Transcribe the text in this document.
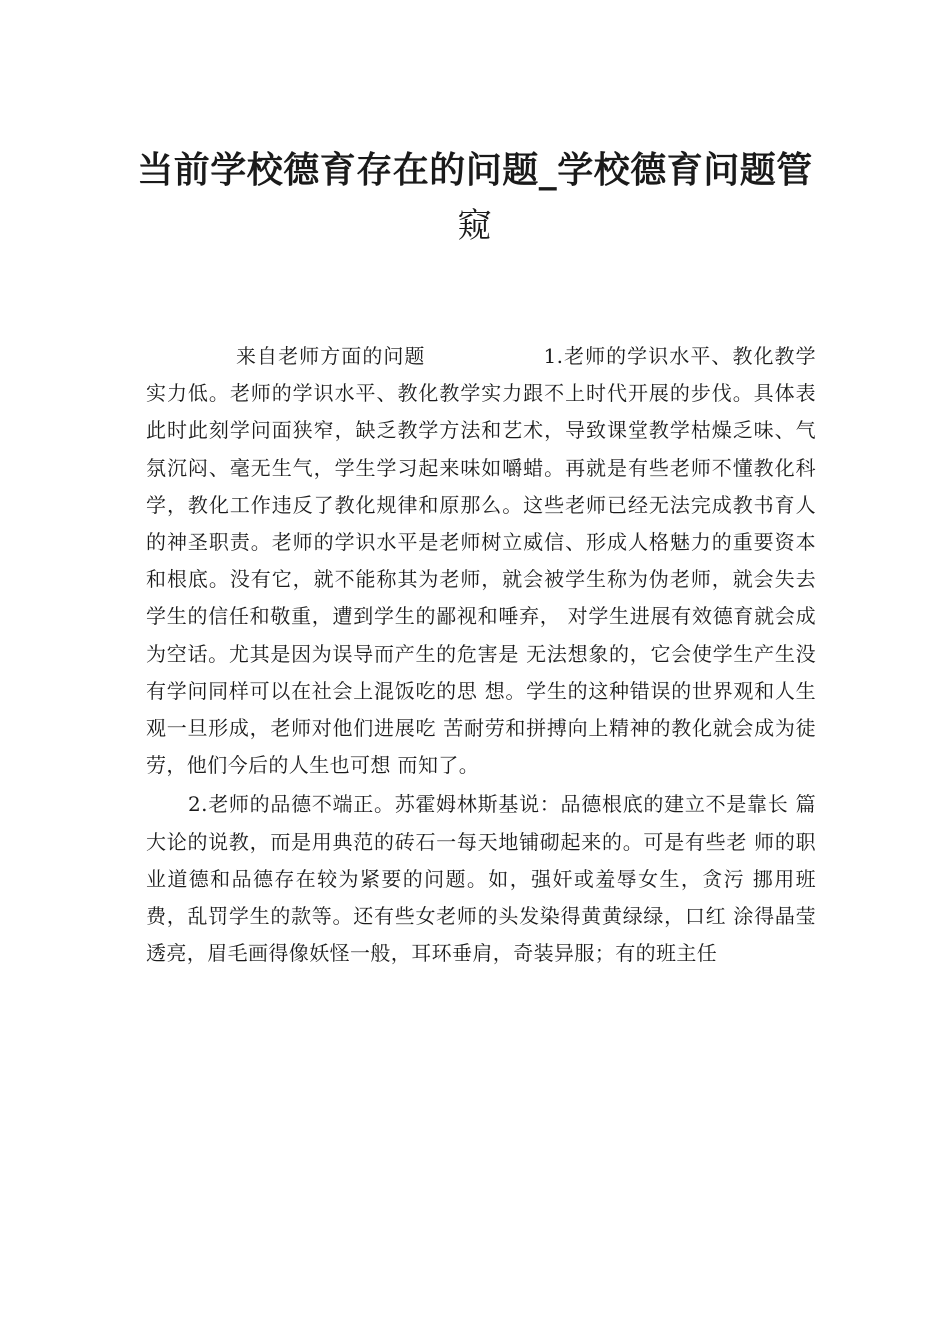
当前学校德育存在的问题_学校德育问题管
窥

来自老师方面的问题	1.老师的学识水平、教化教学实力低。老师的学识水平、教化教学实力跟不上时代开展的步伐。具体表此时此刻学问面狭窄，缺乏教学方法和艺术，导致课堂教学枯燥乏味、气氛沉闷、毫无生气，学生学习起来味如嚼蜡。再就是有些老师不懂教化科学，教化工作违反了教化规律和原那么。这些老师已经无法完成教书育人的神圣职责。老师的学识水平是老师树立威信、形成人格魅力的重要资本和根底。没有它，就不能称其为老师，就会被学生称为伪老师，就会失去学生的信任和敬重，遭到学生的鄙视和唾弃， 对学生进展有效德育就会成为空话。尤其是因为误导而产生的危害是 无法想象的，它会使学生产生没有学问同样可以在社会上混饭吃的思 想。学生的这种错误的世界观和人生观一旦形成，老师对他们进展吃 苦耐劳和拼搏向上精神的教化就会成为徒劳，他们今后的人生也可想 而知了。

2.老师的品德不端正。苏霍姆林斯基说：品德根底的建立不是靠长 篇大论的说教，而是用典范的砖石一每天地铺砌起来的。可是有些老 师的职业道德和品德存在较为紧要的问题。如，强奸或羞辱女生，贪污 挪用班费，乱罚学生的款等。还有些女老师的头发染得黄黄绿绿，口红 涂得晶莹透亮，眉毛画得像妖怪一般，耳环垂肩，奇装异服；有的班主任
